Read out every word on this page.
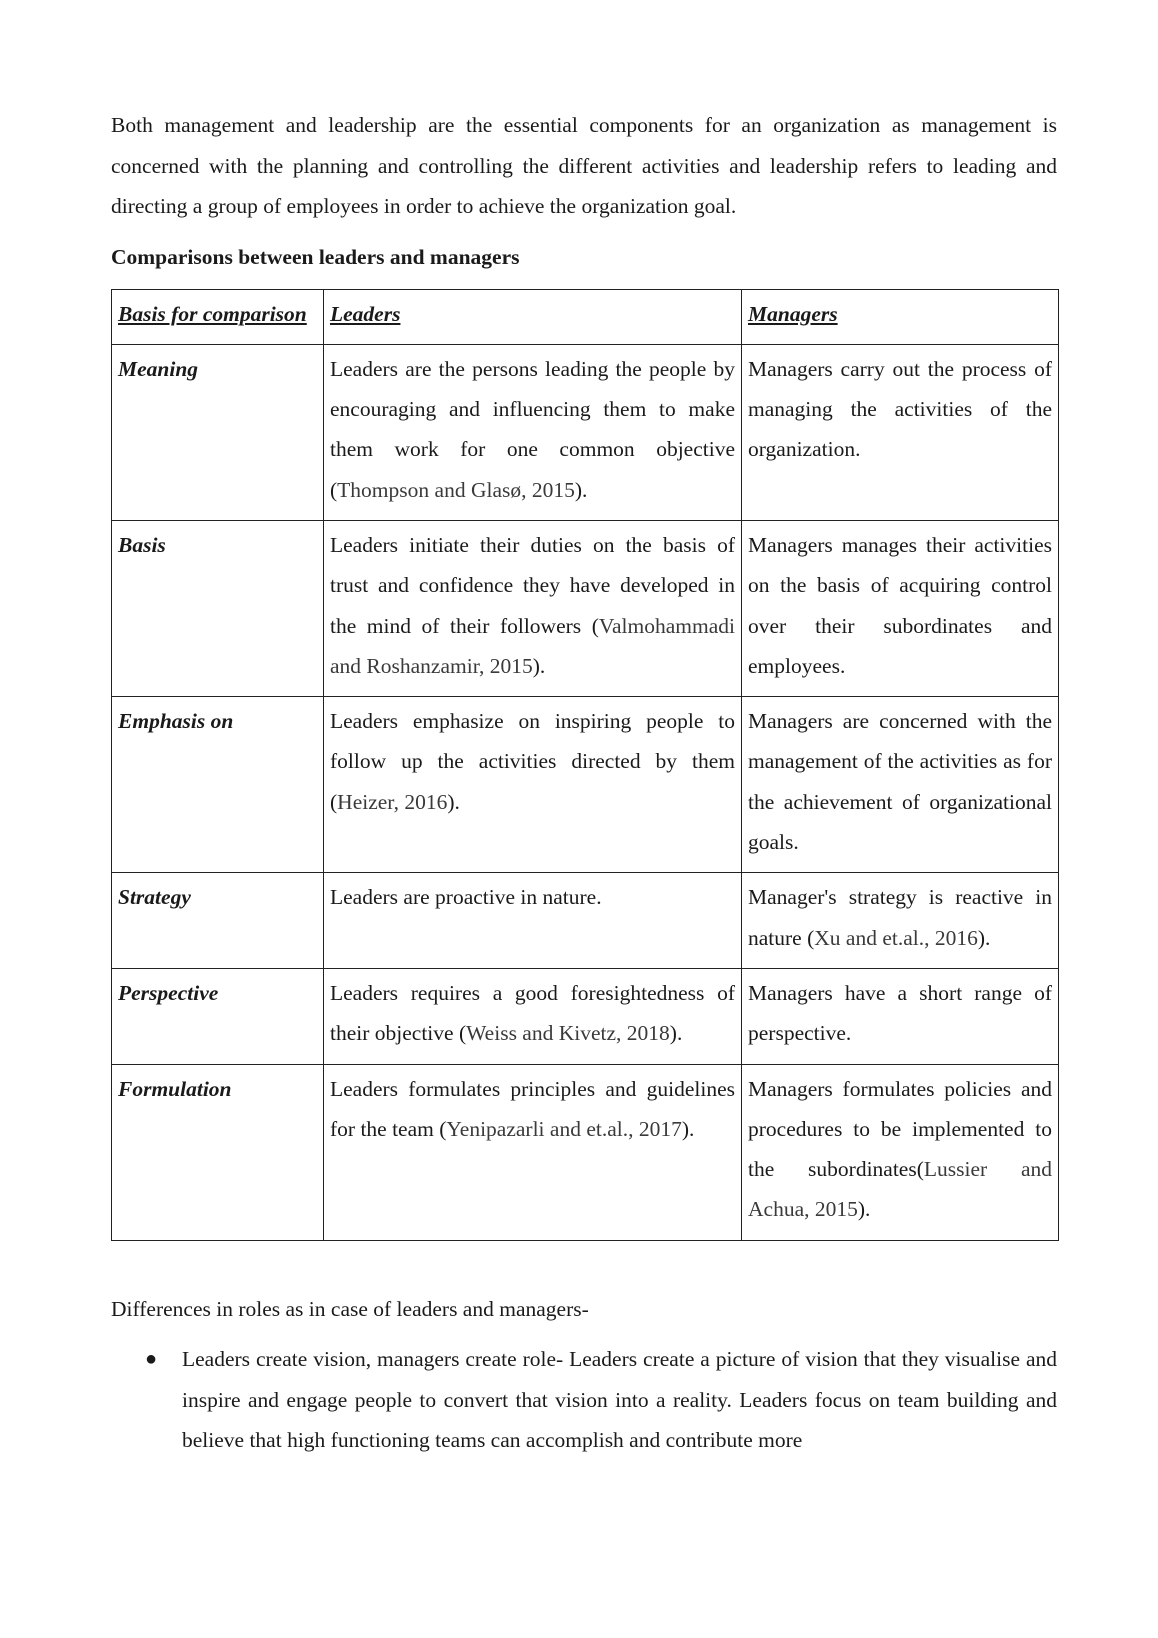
Both management and leadership are the essential components for an organization as management is concerned with the planning and controlling the different activities and leadership refers to leading and directing a group of employees in order to achieve the organization goal.

Comparisons between leaders and managers

Basis for comparison	Leaders	Managers
Meaning	Leaders are the persons leading the people by encouraging and influencing them to make them work for one common objective (Thompson and Glasø, 2015).	Managers carry out the process of managing the activities of the organization.
Basis	Leaders initiate their duties on the basis of trust and confidence they have developed in the mind of their followers (Valmohammadi and Roshanzamir, 2015).	Managers manages their activities on the basis of acquiring control over their subordinates and employees.
Emphasis on	Leaders emphasize on inspiring people to follow up the activities directed by them (Heizer, 2016).	Managers are concerned with the management of the activities as for the achievement of organizational goals.
Strategy	Leaders are proactive in nature.	Manager's strategy is reactive in nature (Xu and et.al., 2016).
Perspective	Leaders requires a good foresightedness of their objective (Weiss and Kivetz, 2018).	Managers have a short range of perspective.
Formulation	Leaders formulates principles and guidelines for the team (Yenipazarli and et.al., 2017).	Managers formulates policies and procedures to be implemented to the subordinates(Lussier and Achua, 2015).

Differences in roles as in case of leaders and managers-

● Leaders create vision, managers create role- Leaders create a picture of vision that they visualise and inspire and engage people to convert that vision into a reality. Leaders focus on team building and believe that high functioning teams can accomplish and contribute more
